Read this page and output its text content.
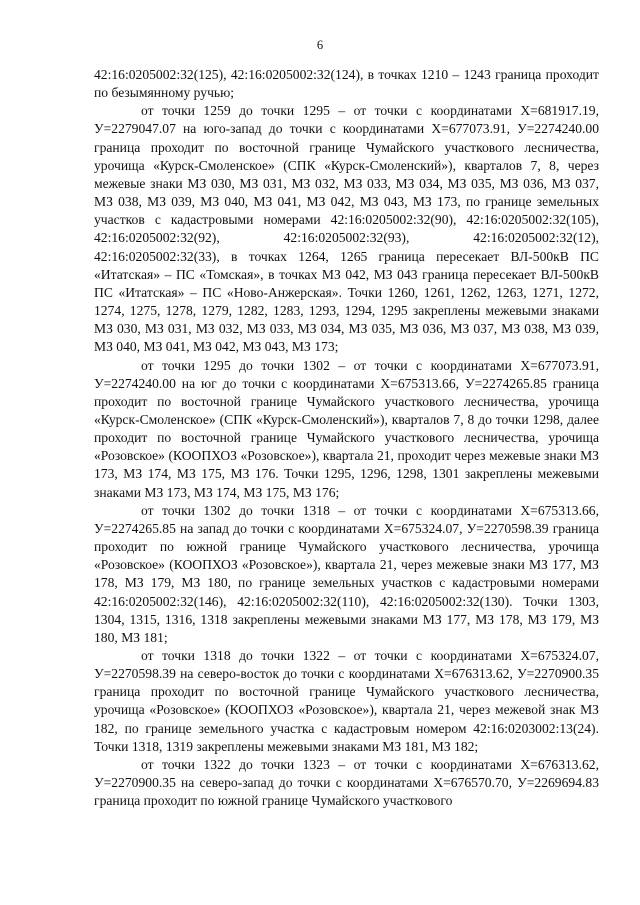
6

42:16:0205002:32(125), 42:16:0205002:32(124), в точках 1210 – 1243 граница проходит по безымянному ручью;

от точки 1259 до точки 1295 – от точки с координатами Х=681917.19, У=2279047.07 на юго-запад до точки с координатами Х=677073.91, У=2274240.00 граница проходит по восточной границе Чумайского участкового лесничества, урочища «Курск-Смоленское» (СПК «Курск-Смоленский»), кварталов 7, 8, через межевые знаки МЗ 030, МЗ 031, МЗ 032, МЗ 033, МЗ 034, МЗ 035, МЗ 036, МЗ 037, МЗ 038, МЗ 039, МЗ 040, МЗ 041, МЗ 042, МЗ 043, МЗ 173, по границе земельных участков с кадастровыми номерами 42:16:0205002:32(90), 42:16:0205002:32(105), 42:16:0205002:32(92), 42:16:0205002:32(93), 42:16:0205002:32(12), 42:16:0205002:32(33), в точках 1264, 1265 граница пересекает ВЛ-500кВ ПС «Итатская» – ПС «Томская», в точках МЗ 042, МЗ 043 граница пересекает ВЛ-500кВ ПС «Итатская» – ПС «Ново-Анжерская». Точки 1260, 1261, 1262, 1263, 1271, 1272, 1274, 1275, 1278, 1279, 1282, 1283, 1293, 1294, 1295 закреплены межевыми знаками МЗ 030, МЗ 031, МЗ 032, МЗ 033, МЗ 034, МЗ 035, МЗ 036, МЗ 037, МЗ 038, МЗ 039, МЗ 040, МЗ 041, МЗ 042, МЗ 043, МЗ 173;

от точки 1295 до точки 1302 – от точки с координатами Х=677073.91, У=2274240.00 на юг до точки с координатами Х=675313.66, У=2274265.85 граница проходит по восточной границе Чумайского участкового лесничества, урочища «Курск-Смоленское» (СПК «Курск-Смоленский»), кварталов 7, 8 до точки 1298, далее проходит по восточной границе Чумайского участкового лесничества, урочища «Розовское» (КООПХОЗ «Розовское»), квартала 21, проходит через межевые знаки МЗ 173, МЗ 174, МЗ 175, МЗ 176. Точки 1295, 1296, 1298, 1301 закреплены межевыми знаками МЗ 173, МЗ 174, МЗ 175, МЗ 176;

от точки 1302 до точки 1318 – от точки с координатами Х=675313.66, У=2274265.85 на запад до точки с координатами Х=675324.07, У=2270598.39 граница проходит по южной границе Чумайского участкового лесничества, урочища «Розовское» (КООПХОЗ «Розовское»), квартала 21, через межевые знаки МЗ 177, МЗ 178, МЗ 179, МЗ 180, по границе земельных участков с кадастровыми номерами 42:16:0205002:32(146), 42:16:0205002:32(110), 42:16:0205002:32(130). Точки 1303, 1304, 1315, 1316, 1318 закреплены межевыми знаками МЗ 177, МЗ 178, МЗ 179, МЗ 180, МЗ 181;

от точки 1318 до точки 1322 – от точки с координатами Х=675324.07, У=2270598.39 на северо-восток до точки с координатами Х=676313.62, У=2270900.35 граница проходит по восточной границе Чумайского участкового лесничества, урочища «Розовское» (КООПХОЗ «Розовское»), квартала 21, через межевой знак МЗ 182, по границе земельного участка с кадастровым номером 42:16:0203002:13(24). Точки 1318, 1319 закреплены межевыми знаками МЗ 181, МЗ 182;

от точки 1322 до точки 1323 – от точки с координатами Х=676313.62, У=2270900.35 на северо-запад до точки с координатами Х=676570.70, У=2269694.83 граница проходит по южной границе Чумайского участкового
